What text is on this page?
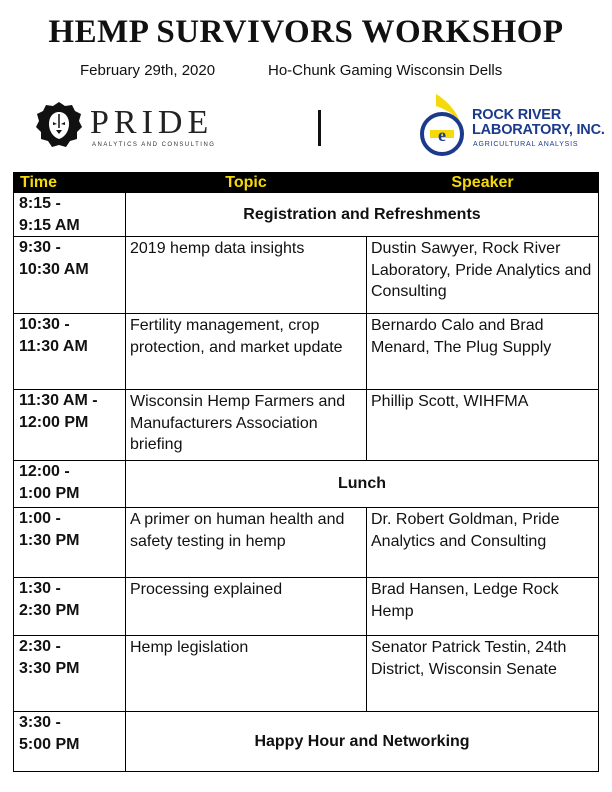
HEMP SURVIVORS WORKSHOP
February 29th, 2020	Ho-Chunk Gaming Wisconsin Dells
PRIDE
ANALYTICS AND CONSULTING	e
ROCK RIVER
LABORATORY, INC.
AGRICULTURAL ANALYSIS
Time	Topic	Speaker

8:15 -
9:15 AM	Registration and Refreshments	

9:30 -
10:30 AM	2019 hemp data insights	Dustin Sawyer, Rock River Laboratory, Pride Analytics and Consulting

10:30 -
11:30 AM	Fertility management, crop protection, and market update	Bernardo Calo and Brad Menard, The Plug Supply

11:30 AM -
12:00 PM	Wisconsin Hemp Farmers and Manufacturers Association briefing	Phillip Scott, WIHFMA

12:00 -
1:00 PM	Lunch	

1:00 -
1:30 PM	A primer on human health and safety testing in hemp	Dr. Robert Goldman, Pride Analytics and Consulting

1:30 -
2:30 PM	Processing explained	Brad Hansen, Ledge Rock Hemp

2:30 -
3:30 PM	Hemp legislation	Senator Patrick Testin, 24th District, Wisconsin Senate

3:30 -
5:00 PM	Happy Hour and Networking	
